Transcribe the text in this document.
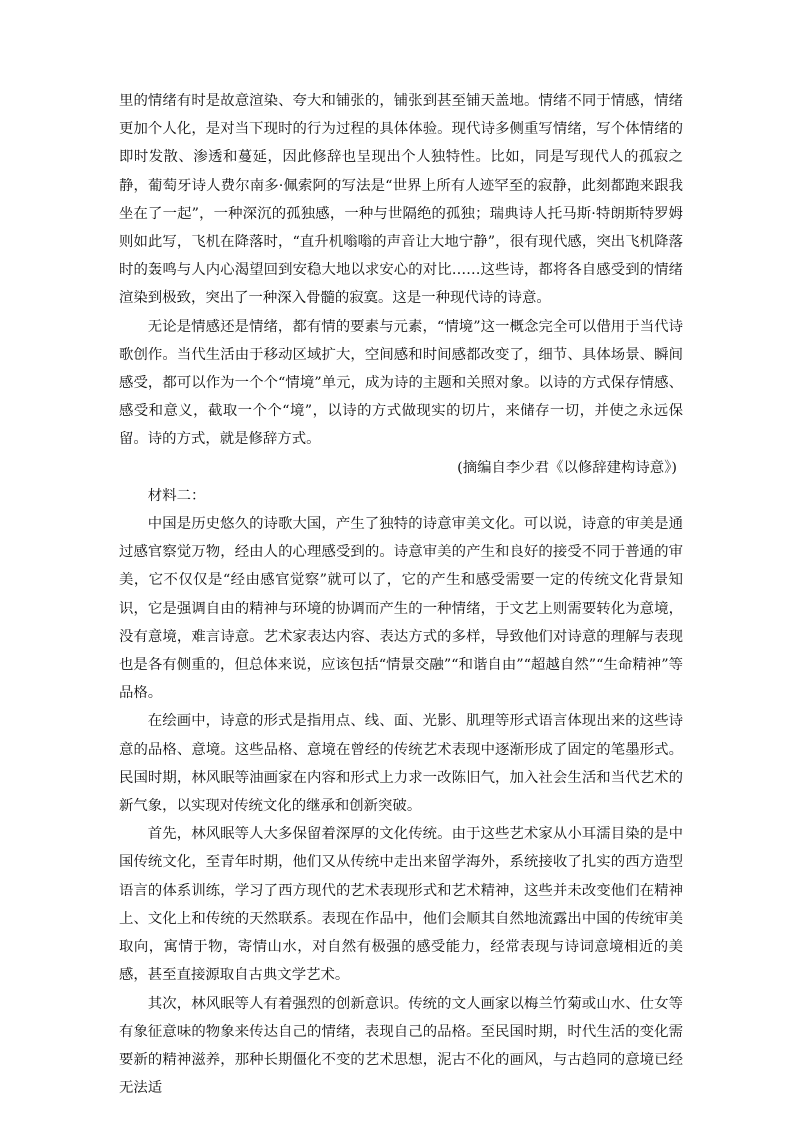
里的情绪有时是故意渲染、夸大和铺张的，铺张到甚至铺天盖地。情绪不同于情感，情绪更加个人化，是对当下现时的行为过程的具体体验。现代诗多侧重写情绪，写个体情绪的即时发散、渗透和蔓延，因此修辞也呈现出个人独特性。比如，同是写现代人的孤寂之静，葡萄牙诗人费尔南多·佩索阿的写法是“世界上所有人迹罕至的寂静，此刻都跑来跟我坐在了一起”，一种深沉的孤独感，一种与世隔绝的孤独；瑞典诗人托马斯·特朗斯特罗姆则如此写，飞机在降落时，“直升机嗡嗡的声音让大地宁静”，很有现代感，突出飞机降落时的轰鸣与人内心渴望回到安稳大地以求安心的对比……这些诗，都将各自感受到的情绪渲染到极致，突出了一种深入骨髓的寂寞。这是一种现代诗的诗意。

无论是情感还是情绪，都有情的要素与元素，“情境”这一概念完全可以借用于当代诗歌创作。当代生活由于移动区域扩大，空间感和时间感都改变了，细节、具体场景、瞬间感受，都可以作为一个个“情境”单元，成为诗的主题和关照对象。以诗的方式保存情感、感受和意义，截取一个个“境”，以诗的方式做现实的切片，来储存一切，并使之永远保留。诗的方式，就是修辞方式。

(摘编自李少君《以修辞建构诗意》)

材料二：

中国是历史悠久的诗歌大国，产生了独特的诗意审美文化。可以说，诗意的审美是通过感官察觉万物，经由人的心理感受到的。诗意审美的产生和良好的接受不同于普通的审美，它不仅仅是“经由感官觉察”就可以了，它的产生和感受需要一定的传统文化背景知识，它是强调自由的精神与环境的协调而产生的一种情绪，于文艺上则需要转化为意境，没有意境，难言诗意。艺术家表达内容、表达方式的多样，导致他们对诗意的理解与表现也是各有侧重的，但总体来说，应该包括“情景交融”“和谐自由”“超越自然”“生命精神”等品格。

在绘画中，诗意的形式是指用点、线、面、光影、肌理等形式语言体现出来的这些诗意的品格、意境。这些品格、意境在曾经的传统艺术表现中逐渐形成了固定的笔墨形式。民国时期，林风眠等油画家在内容和形式上力求一改陈旧气，加入社会生活和当代艺术的新气象，以实现对传统文化的继承和创新突破。

首先，林风眠等人大多保留着深厚的文化传统。由于这些艺术家从小耳濡目染的是中国传统文化，至青年时期，他们又从传统中走出来留学海外，系统接收了扎实的西方造型语言的体系训练，学习了西方现代的艺术表现形式和艺术精神，这些并未改变他们在精神上、文化上和传统的天然联系。表现在作品中，他们会顺其自然地流露出中国的传统审美取向，寓情于物，寄情山水，对自然有极强的感受能力，经常表现与诗词意境相近的美感，甚至直接源取自古典文学艺术。

其次，林风眠等人有着强烈的创新意识。传统的文人画家以梅兰竹菊或山水、仕女等有象征意味的物象来传达自己的情绪，表现自己的品格。至民国时期，时代生活的变化需要新的精神滋养，那种长期僵化不变的艺术思想，泥古不化的画风，与古趋同的意境已经无法适
